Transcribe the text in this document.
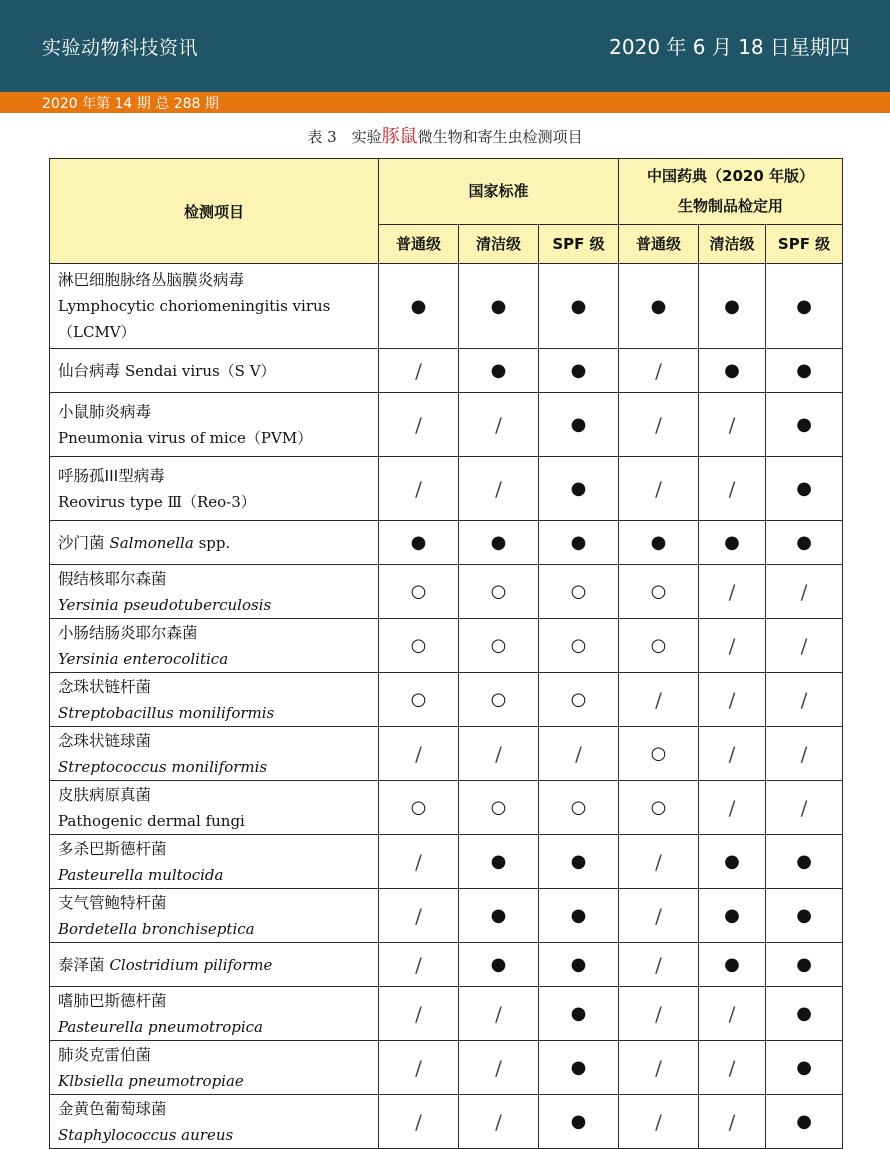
实验动物科技资讯	2020 年 6 月 18 日星期四
2020 年第 14 期 总 288 期
表 3　实验豚鼠微生物和寄生虫检测项目
检测项目	国家标准			中国药典（2020 年版）
生物制品检定用		
	普通级	清洁级	SPF 级	普通级	清洁级	SPF 级

淋巴细胞脉络丛脑膜炎病毒
Lymphocytic choriomeningitis virus
（LCMV）	●	●	●	●	●	●
仙台病毒 Sendai virus（S V）	/	●	●	/	●	●

小鼠肺炎病毒
Pneumonia virus of mice（PVM）	/	/	●	/	/	●

呼肠孤III型病毒
Reovirus type Ⅲ（Reo-3）	/	/	●	/	/	●
沙门菌 Salmonella spp.	●	●	●	●	●	●

假结核耶尔森菌
Yersinia pseudotuberculosis	○	○	○	○	/	/

小肠结肠炎耶尔森菌
Yersinia enterocolitica	○	○	○	○	/	/

念珠状链杆菌
Streptobacillus moniliformis	○	○	○	/	/	/

念珠状链球菌
Streptococcus moniliformis	/	/	/	○	/	/

皮肤病原真菌
Pathogenic dermal fungi	○	○	○	○	/	/

多杀巴斯德杆菌
Pasteurella multocida	/	●	●	/	●	●

支气管鲍特杆菌
Bordetella bronchiseptica	/	●	●	/	●	●
泰泽菌 Clostridium piliforme	/	●	●	/	●	●

嗜肺巴斯德杆菌
Pasteurella pneumotropica	/	/	●	/	/	●

肺炎克雷伯菌
Klbsiella pneumotropiae	/	/	●	/	/	●

金黄色葡萄球菌
Staphylococcus aureus	/	/	●	/	/	●
